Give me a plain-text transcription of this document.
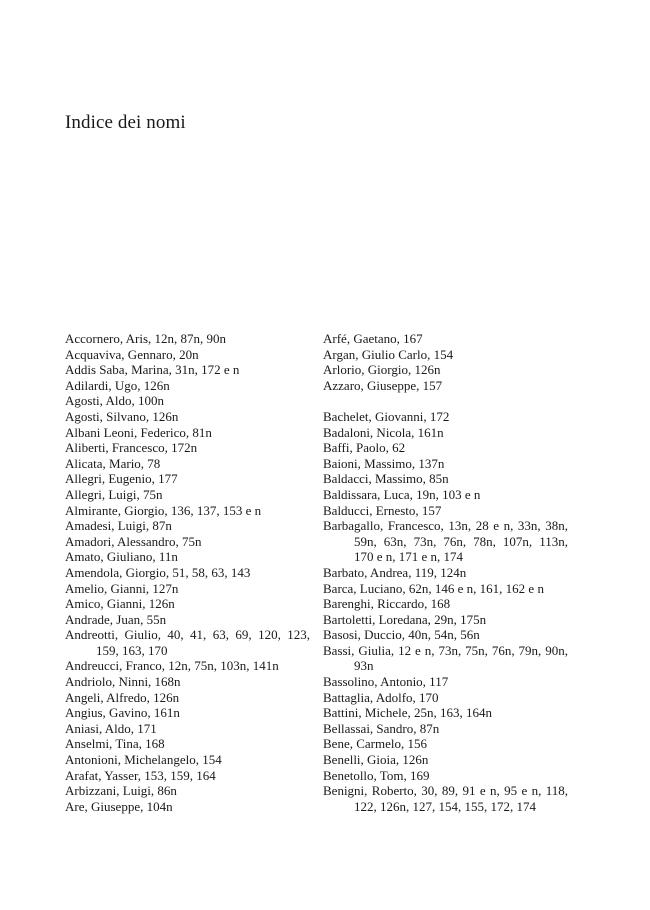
Indice dei nomi

Accornero, Aris, 12n, 87n, 90n

Acquaviva, Gennaro, 20n

Addis Saba, Marina, 31n, 172 e n

Adilardi, Ugo, 126n

Agosti, Aldo, 100n

Agosti, Silvano, 126n

Albani Leoni, Federico, 81n

Aliberti, Francesco, 172n

Alicata, Mario, 78

Allegri, Eugenio, 177

Allegri, Luigi, 75n

Almirante, Giorgio, 136, 137, 153 e n

Amadesi, Luigi, 87n

Amadori, Alessandro, 75n

Amato, Giuliano, 11n

Amendola, Giorgio, 51, 58, 63, 143

Amelio, Gianni, 127n

Amico, Gianni, 126n

Andrade, Juan, 55n

Andreotti, Giulio, 40, 41, 63, 69, 120, 123, 159, 163, 170

Andreucci, Franco, 12n, 75n, 103n, 141n

Andriolo, Ninni, 168n

Angeli, Alfredo, 126n

Angius, Gavino, 161n

Aniasi, Aldo, 171

Anselmi, Tina, 168

Antonioni, Michelangelo, 154

Arafat, Yasser, 153, 159, 164

Arbizzani, Luigi, 86n

Are, Giuseppe, 104n

Arfé, Gaetano, 167

Argan, Giulio Carlo, 154

Arlorio, Giorgio, 126n

Azzaro, Giuseppe, 157

Bachelet, Giovanni, 172

Badaloni, Nicola, 161n

Baffi, Paolo, 62

Baioni, Massimo, 137n

Baldacci, Massimo, 85n

Baldissara, Luca, 19n, 103 e n

Balducci, Ernesto, 157

Barbagallo, Francesco, 13n, 28 e n, 33n, 38n, 59n, 63n, 73n, 76n, 78n, 107n, 113n, 170 e n, 171 e n, 174

Barbato, Andrea, 119, 124n

Barca, Luciano, 62n, 146 e n, 161, 162 e n

Barenghi, Riccardo, 168

Bartoletti, Loredana, 29n, 175n

Basosi, Duccio, 40n, 54n, 56n

Bassi, Giulia, 12 e n, 73n, 75n, 76n, 79n, 90n, 93n

Bassolino, Antonio, 117

Battaglia, Adolfo, 170

Battini, Michele, 25n, 163, 164n

Bellassai, Sandro, 87n

Bene, Carmelo, 156

Benelli, Gioia, 126n

Benetollo, Tom, 169

Benigni, Roberto, 30, 89, 91 e n, 95 e n, 118, 122, 126n, 127, 154, 155, 172, 174
